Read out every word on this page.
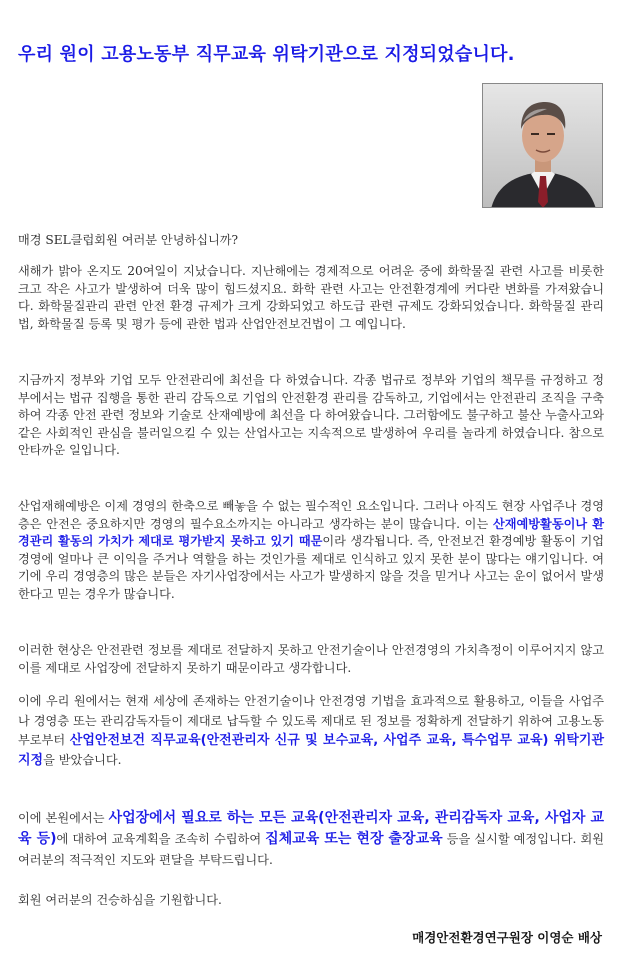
우리 원이 고용노동부 직무교육 위탁기관으로 지정되었습니다.

매경 SEL클럽회원 여러분 안녕하십니까?

새해가 밝아 온지도 20여일이 지났습니다. 지난해에는 경제적으로 어려운 중에 화학물질 관련 사고를 비롯한 크고 작은 사고가 발생하여 더욱 많이 힘드셨지요. 화학 관련 사고는 안전환경계에 커다란 변화를 가져왔습니다. 화학물질관리 관련 안전 환경 규제가 크게 강화되었고 하도급 관련 규제도 강화되었습니다. 화학물질 관리법, 화학물질 등록 및 평가 등에 관한 법과 산업안전보건법이 그 예입니다.

지금까지 정부와 기업 모두 안전관리에 최선을 다 하였습니다. 각종 법규로 정부와 기업의 책무를 규정하고 정부에서는 법규 집행을 통한 관리 감독으로 기업의 안전환경 관리를 감독하고, 기업에서는 안전관리 조직을 구축하여 각종 안전 관련 정보와 기술로 산재예방에 최선을 다 하여왔습니다. 그러함에도 불구하고 불산 누출사고와 같은 사회적인 관심을 불러일으킬 수 있는 산업사고는 지속적으로 발생하여 우리를 놀라게 하였습니다. 참으로 안타까운 일입니다.

산업재해예방은 이제 경영의 한축으로 빼놓을 수 없는 필수적인 요소입니다. 그러나 아직도 현장 사업주나 경영층은 안전은 중요하지만 경영의 필수요소까지는 아니라고 생각하는 분이 많습니다. 이는 산재예방활동이나 환경관리 활동의 가치가 제대로 평가받지 못하고 있기 때문이라 생각됩니다. 즉, 안전보건 환경예방 활동이 기업경영에 얼마나 큰 이익을 주거나 역할을 하는 것인가를 제대로 인식하고 있지 못한 분이 많다는 얘기입니다. 여기에 우리 경영층의 많은 분들은 자기사업장에서는 사고가 발생하지 않을 것을 믿거나 사고는 운이 없어서 발생한다고 믿는 경우가 많습니다.

이러한 현상은 안전관련 정보를 제대로 전달하지 못하고 안전기술이나 안전경영의 가치측정이 이루어지지 않고 이를 제대로 사업장에 전달하지 못하기 때문이라고 생각합니다.

이에 우리 원에서는 현재 세상에 존재하는 안전기술이나 안전경영 기법을 효과적으로 활용하고, 이들을 사업주나 경영층 또는 관리감독자들이 제대로 납득할 수 있도록 제대로 된 정보를 정확하게 전달하기 위하여 고용노동부로부터 산업안전보건 직무교육(안전관리자 신규 및 보수교육, 사업주 교육, 특수업무 교육) 위탁기관 지정을 받았습니다.

이에 본원에서는 사업장에서 필요로 하는 모든 교육(안전관리자 교육, 관리감독자 교육, 사업자 교육 등)에 대하여 교육계획을 조속히 수립하여 집체교육 또는 현장 출장교육 등을 실시할 예정입니다. 회원 여러분의 적극적인 지도와 편달을 부탁드립니다.

회원 여러분의 건승하심을 기원합니다.

매경안전환경연구원장 이영순 배상
